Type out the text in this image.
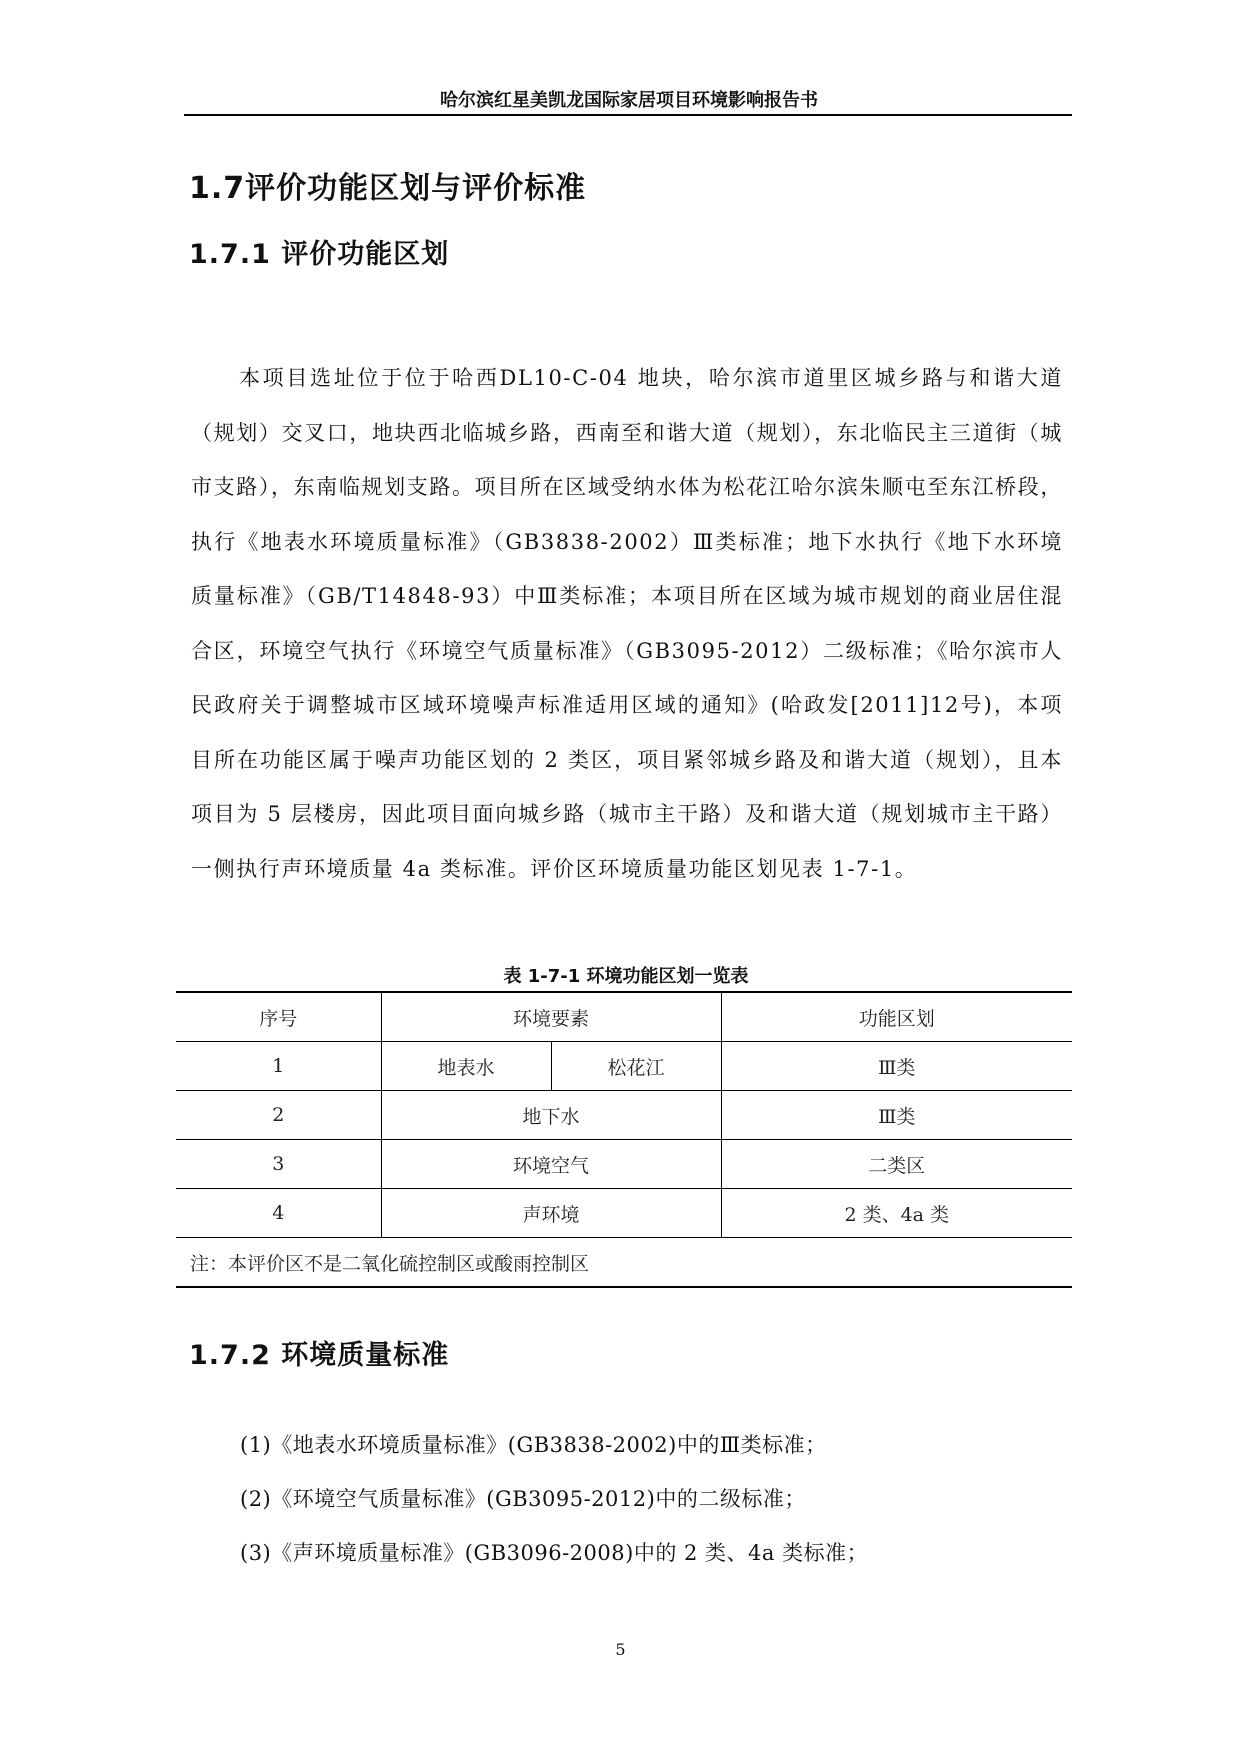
哈尔滨红星美凯龙国际家居项目环境影响报告书
1.7评价功能区划与评价标准
1.7.1 评价功能区划

本项目选址位于位于哈西DL10-C-04 地块，哈尔滨市道里区城乡路与和谐大道（规划）交叉口，地块西北临城乡路，西南至和谐大道（规划），东北临民主三道街（城市支路），东南临规划支路。项目所在区域受纳水体为松花江哈尔滨朱顺屯至东江桥段，执行《地表水环境质量标准》（GB3838-2002）Ⅲ类标准；地下水执行《地下水环境质量标准》（GB/T14848-93）中Ⅲ类标准；本项目所在区域为城市规划的商业居住混合区，环境空气执行《环境空气质量标准》（GB3095-2012）二级标准；《哈尔滨市人民政府关于调整城市区域环境噪声标准适用区域的通知》(哈政发[2011]12号)，本项目所在功能区属于噪声功能区划的 2 类区，项目紧邻城乡路及和谐大道（规划），且本项目为 5 层楼房，因此项目面向城乡路（城市主干路）及和谐大道（规划城市主干路）一侧执行声环境质量 4a 类标准。评价区环境质量功能区划见表 1-7-1。

表 1-7-1 环境功能区划一览表
序号	环境要素		功能区划
1	地表水	松花江	Ⅲ类
2	地下水		Ⅲ类
3	环境空气		二类区
4	声环境		2 类、4a 类
注：本评价区不是二氧化硫控制区或酸雨控制区			
1.7.2 环境质量标准
(1)《地表水环境质量标准》(GB3838-2002)中的Ⅲ类标准；
(2)《环境空气质量标准》(GB3095-2012)中的二级标准；
(3)《声环境质量标准》(GB3096-2008)中的 2 类、4a 类标准；
5
